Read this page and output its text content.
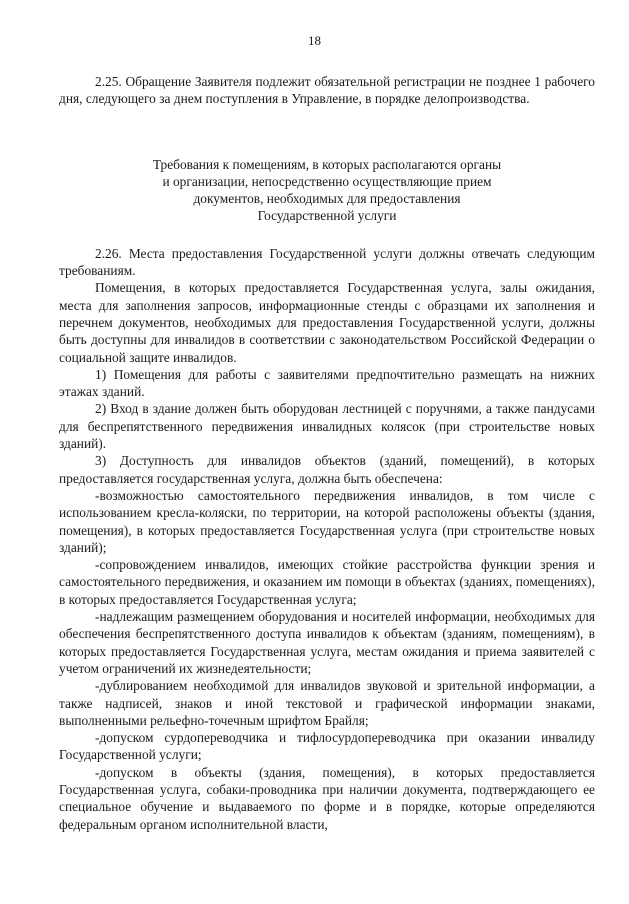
18

2.25. Обращение Заявителя подлежит обязательной регистрации не позднее 1 рабочего дня, следующего за днем поступления в Управление, в порядке делопроизводства.

Требования к помещениям, в которых располагаются органы
и организации, непосредственно осуществляющие прием
документов, необходимых для предоставления
Государственной услуги

2.26. Места предоставления Государственной услуги должны отвечать следующим требованиям.

Помещения, в которых предоставляется Государственная услуга, залы ожидания, места для заполнения запросов, информационные стенды с образцами их заполнения и перечнем документов, необходимых для предоставления Государственной услуги, должны быть доступны для инвалидов в соответствии с законодательством Российской Федерации о социальной защите инвалидов.

1) Помещения для работы с заявителями предпочтительно размещать на нижних этажах зданий.

2) Вход в здание должен быть оборудован лестницей с поручнями, а также пандусами для беспрепятственного передвижения инвалидных колясок (при строительстве новых зданий).

3) Доступность для инвалидов объектов (зданий, помещений), в которых предоставляется государственная услуга, должна быть обеспечена:

-возможностью самостоятельного передвижения инвалидов, в том числе с использованием кресла-коляски, по территории, на которой расположены объекты (здания, помещения), в которых предоставляется Государственная услуга (при строительстве новых зданий);

-сопровождением инвалидов, имеющих стойкие расстройства функции зрения и самостоятельного передвижения, и оказанием им помощи в объектах (зданиях, помещениях), в которых предоставляется Государственная услуга;

-надлежащим размещением оборудования и носителей информации, необходимых для обеспечения беспрепятственного доступа инвалидов к объектам (зданиям, помещениям), в которых предоставляется Государственная услуга, местам ожидания и приема заявителей с учетом ограничений их жизнедеятельности;

-дублированием необходимой для инвалидов звуковой и зрительной информации, а также надписей, знаков и иной текстовой и графической информации знаками, выполненными рельефно-точечным шрифтом Брайля;

-допуском сурдопереводчика и тифлосурдопереводчика при оказании инвалиду Государственной услуги;

-допуском в объекты (здания, помещения), в которых предоставляется Государственная услуга, собаки-проводника при наличии документа, подтверждающего ее специальное обучение и выдаваемого по форме и в порядке, которые определяются федеральным органом исполнительной власти,
